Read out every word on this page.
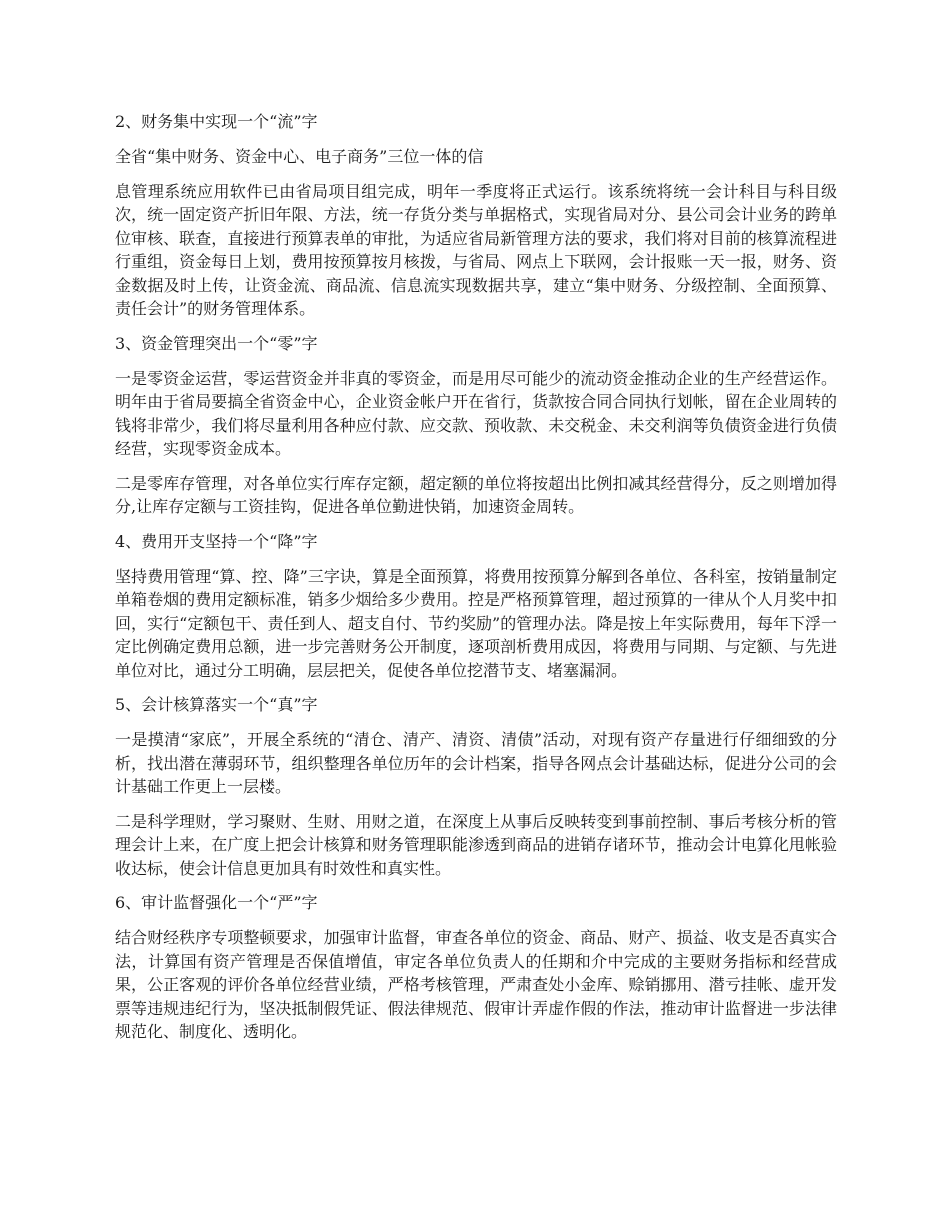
2、财务集中实现一个“流”字

全省“集中财务、资金中心、电子商务”三位一体的信

息管理系统应用软件已由省局项目组完成，明年一季度将正式运行。该系统将统一会计科目与科目级次，统一固定资产折旧年限、方法，统一存货分类与单据格式，实现省局对分、县公司会计业务的跨单位审核、联查，直接进行预算表单的审批，为适应省局新管理方法的要求，我们将对目前的核算流程进行重组，资金每日上划，费用按预算按月核拨，与省局、网点上下联网，会计报账一天一报，财务、资金数据及时上传，让资金流、商品流、信息流实现数据共享，建立“集中财务、分级控制、全面预算、责任会计”的财务管理体系。

3、资金管理突出一个“零”字

一是零资金运营，零运营资金并非真的零资金，而是用尽可能少的流动资金推动企业的生产经营运作。明年由于省局要搞全省资金中心，企业资金帐户开在省行，货款按合同合同执行划帐，留在企业周转的钱将非常少，我们将尽量利用各种应付款、应交款、预收款、未交税金、未交利润等负债资金进行负债经营，实现零资金成本。

二是零库存管理，对各单位实行库存定额，超定额的单位将按超出比例扣减其经营得分，反之则增加得分,让库存定额与工资挂钩，促进各单位勤进快销，加速资金周转。

4、费用开支坚持一个“降”字

坚持费用管理“算、控、降”三字诀，算是全面预算，将费用按预算分解到各单位、各科室，按销量制定单箱卷烟的费用定额标准，销多少烟给多少费用。控是严格预算管理，超过预算的一律从个人月奖中扣回，实行“定额包干、责任到人、超支自付、节约奖励”的管理办法。降是按上年实际费用，每年下浮一定比例确定费用总额，进一步完善财务公开制度，逐项剖析费用成因，将费用与同期、与定额、与先进单位对比，通过分工明确，层层把关，促使各单位挖潜节支、堵塞漏洞。

5、会计核算落实一个“真”字

一是摸清“家底”，开展全系统的“清仓、清产、清资、清债”活动，对现有资产存量进行仔细细致的分析，找出潜在薄弱环节，组织整理各单位历年的会计档案，指导各网点会计基础达标，促进分公司的会计基础工作更上一层楼。

二是科学理财，学习聚财、生财、用财之道，在深度上从事后反映转变到事前控制、事后考核分析的管理会计上来，在广度上把会计核算和财务管理职能渗透到商品的进销存诸环节，推动会计电算化甩帐验收达标，使会计信息更加具有时效性和真实性。

6、审计监督强化一个“严”字

结合财经秩序专项整顿要求，加强审计监督，审查各单位的资金、商品、财产、损益、收支是否真实合法，计算国有资产管理是否保值增值，审定各单位负责人的任期和介中完成的主要财务指标和经营成果，公正客观的评价各单位经营业绩，严格考核管理，严肃查处小金库、赊销挪用、潜亏挂帐、虚开发票等违规违纪行为，坚决抵制假凭证、假法律规范、假审计弄虚作假的作法，推动审计监督进一步法律规范化、制度化、透明化。
